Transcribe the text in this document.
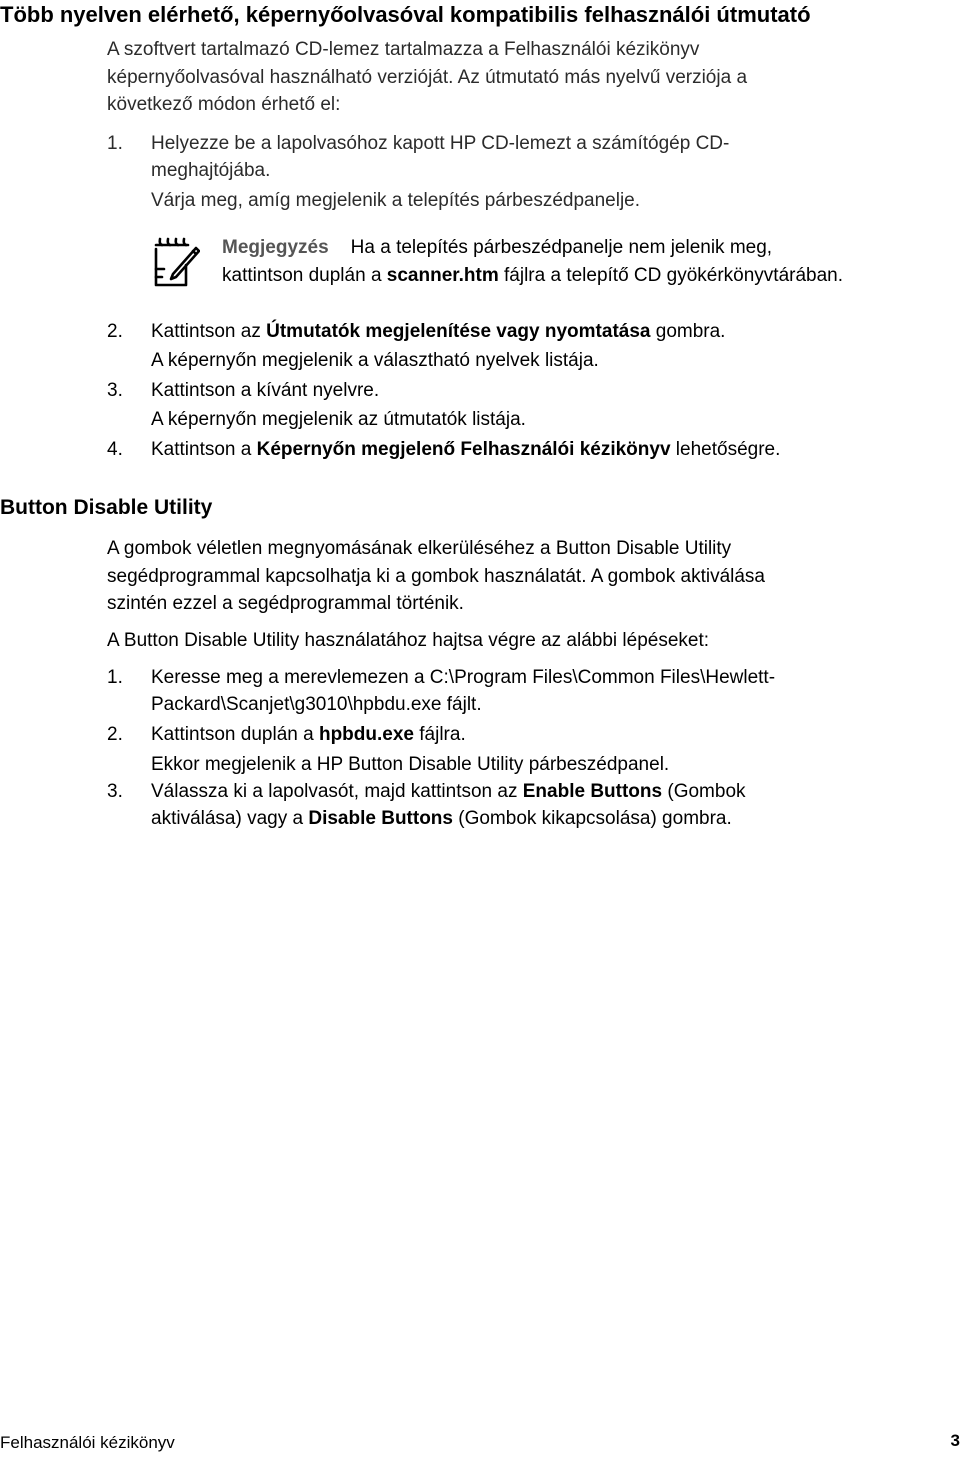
Több nyelven elérhető, képernyőolvasóval kompatibilis felhasználói útmutató
A szoftvert tartalmazó CD-lemez tartalmazza a Felhasználói kézikönyv
képernyőolvasóval használható verzióját. Az útmutató más nyelvű verziója a
következő módon érhető el:
1. Helyezze be a lapolvasóhoz kapott HP CD-lemezt a számítógép CD-
meghajtójába.
Várja meg, amíg megjelenik a telepítés párbeszédpanelje.
Megjegyzés Ha a telepítés párbeszédpanelje nem jelenik meg,
kattintson duplán a scanner.htm fájlra a telepítő CD gyökérkönyvtárában.
2. Kattintson az Útmutatók megjelenítése vagy nyomtatása gombra.
A képernyőn megjelenik a választható nyelvek listája.
3. Kattintson a kívánt nyelvre.
A képernyőn megjelenik az útmutatók listája.
4. Kattintson a Képernyőn megjelenő Felhasználói kézikönyv lehetőségre.
Button Disable Utility
A gombok véletlen megnyomásának elkerüléséhez a Button Disable Utility
segédprogrammal kapcsolhatja ki a gombok használatát. A gombok aktiválása
szintén ezzel a segédprogrammal történik.
A Button Disable Utility használatához hajtsa végre az alábbi lépéseket:
1. Keresse meg a merevlemezen a C:\Program Files\Common Files\Hewlett-
Packard\Scanjet\g3010\hpbdu.exe fájlt.
2. Kattintson duplán a hpbdu.exe fájlra.
Ekkor megjelenik a HP Button Disable Utility párbeszédpanel.
3. Válassza ki a lapolvasót, majd kattintson az Enable Buttons (Gombok
aktiválása) vagy a Disable Buttons (Gombok kikapcsolása) gombra.
Felhasználói kézikönyv	3
